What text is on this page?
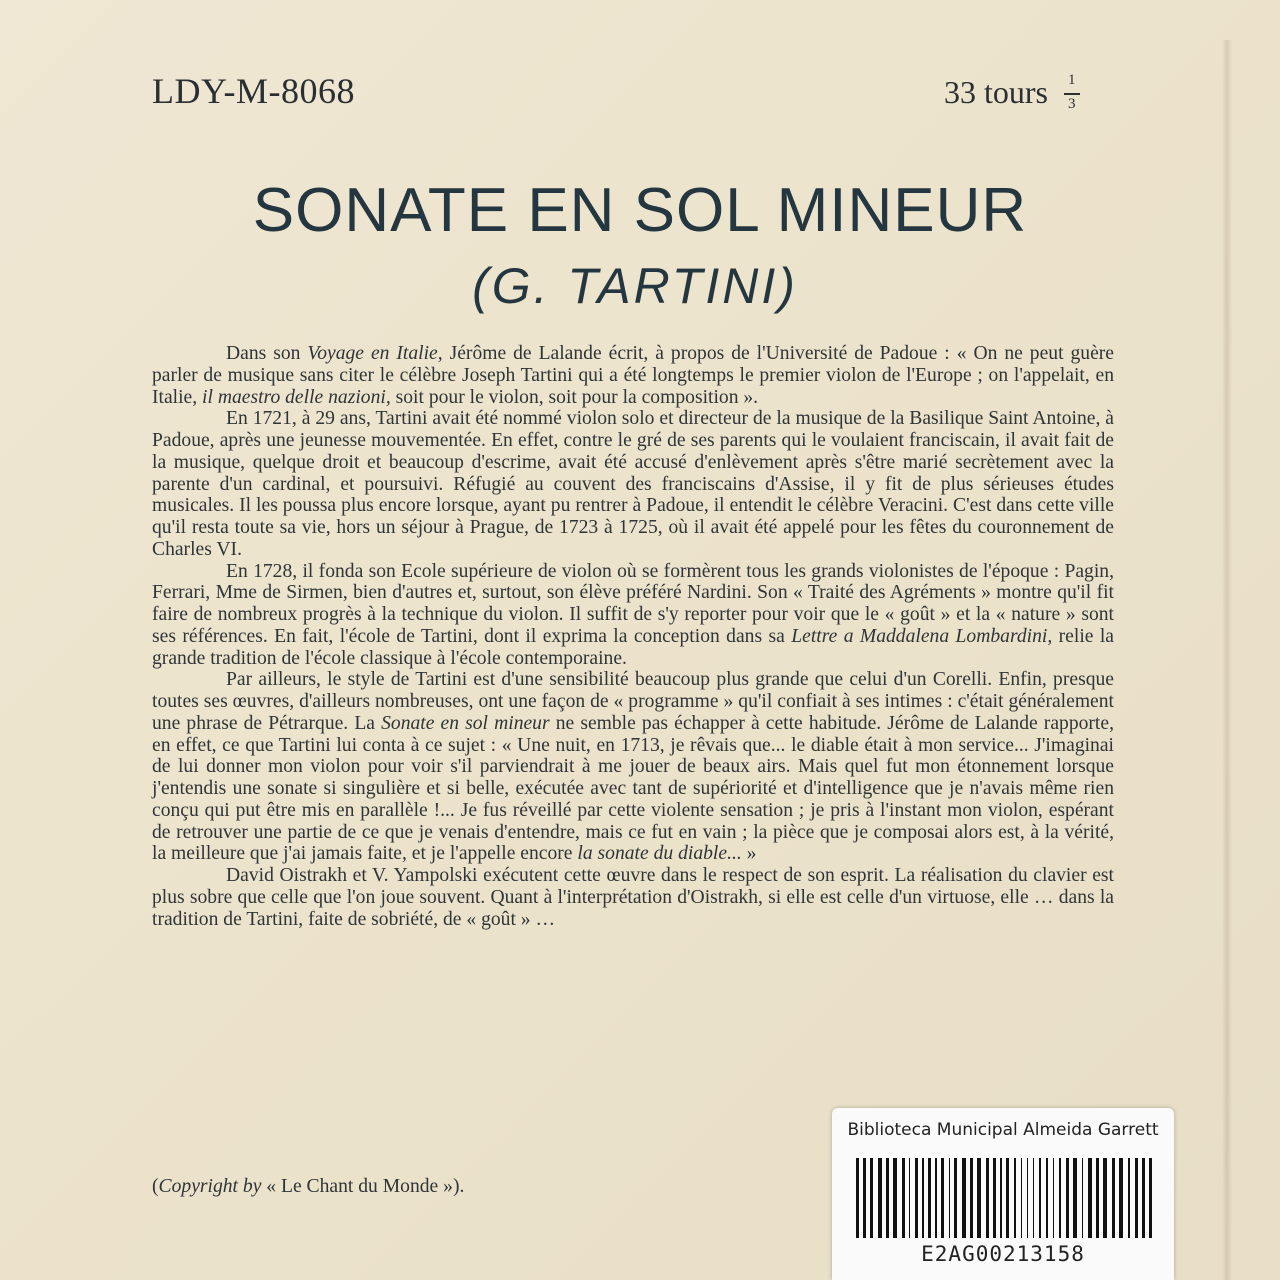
LDY-M-8068	33 tours $\frac{1}{3}$
SONATE EN SOL MINEUR
(G. TARTINI)

Dans son Voyage en Italie, Jérôme de Lalande écrit, à propos de l'Université de Padoue : « On ne peut guère parler de musique sans citer le célèbre Joseph Tartini qui a été longtemps le premier violon de l'Europe ; on l'appelait, en Italie, il maestro delle nazioni, soit pour le violon, soit pour la composition ».

En 1721, à 29 ans, Tartini avait été nommé violon solo et directeur de la musique de la Basilique Saint Antoine, à Padoue, après une jeunesse mouvementée. En effet, contre le gré de ses parents qui le voulaient franciscain, il avait fait de la musique, quelque droit et beaucoup d'escrime, avait été accusé d'enlèvement après s'être marié secrètement avec la parente d'un cardinal, et poursuivi. Réfugié au couvent des franciscains d'Assise, il y fit de plus sérieuses études musicales. Il les poussa plus encore lorsque, ayant pu rentrer à Padoue, il entendit le célèbre Veracini. C'est dans cette ville qu'il resta toute sa vie, hors un séjour à Prague, de 1723 à 1725, où il avait été appelé pour les fêtes du couronnement de Charles VI.

En 1728, il fonda son Ecole supérieure de violon où se formèrent tous les grands violonistes de l'époque : Pagin, Ferrari, Mme de Sirmen, bien d'autres et, surtout, son élève préféré Nardini. Son « Traité des Agréments » montre qu'il fit faire de nombreux progrès à la technique du violon. Il suffit de s'y reporter pour voir que le « goût » et la « nature » sont ses références. En fait, l'école de Tartini, dont il exprima la conception dans sa Lettre a Maddalena Lombardini, relie la grande tradition de l'école classique à l'école contemporaine.

Par ailleurs, le style de Tartini est d'une sensibilité beaucoup plus grande que celui d'un Corelli. Enfin, presque toutes ses œuvres, d'ailleurs nombreuses, ont une façon de « programme » qu'il confiait à ses intimes : c'était généralement une phrase de Pétrarque. La Sonate en sol mineur ne semble pas échapper à cette habitude. Jérôme de Lalande rapporte, en effet, ce que Tartini lui conta à ce sujet : « Une nuit, en 1713, je rêvais que... le diable était à mon service... J'imaginai de lui donner mon violon pour voir s'il parviendrait à me jouer de beaux airs. Mais quel fut mon étonnement lorsque j'entendis une sonate si singulière et si belle, exécutée avec tant de supériorité et d'intelligence que je n'avais même rien conçu qui put être mis en parallèle !... Je fus réveillé par cette violente sensation ; je pris à l'instant mon violon, espérant de retrouver une partie de ce que je venais d'entendre, mais ce fut en vain ; la pièce que je composai alors est, à la vérité, la meilleure que j'ai jamais faite, et je l'appelle encore la sonate du diable... »

David Oistrakh et V. Yampolski exécutent cette œuvre dans le respect de son esprit. La réalisation du clavier est plus sobre que celle que l'on joue souvent. Quant à l'interprétation d'Oistrakh, si elle est celle d'un virtuose, elle … dans la tradition de Tartini, faite de sobriété, de « goût » …

(Copyright by « Le Chant du Monde »).
Biblioteca Municipal Almeida Garrett
E2AG00213158
